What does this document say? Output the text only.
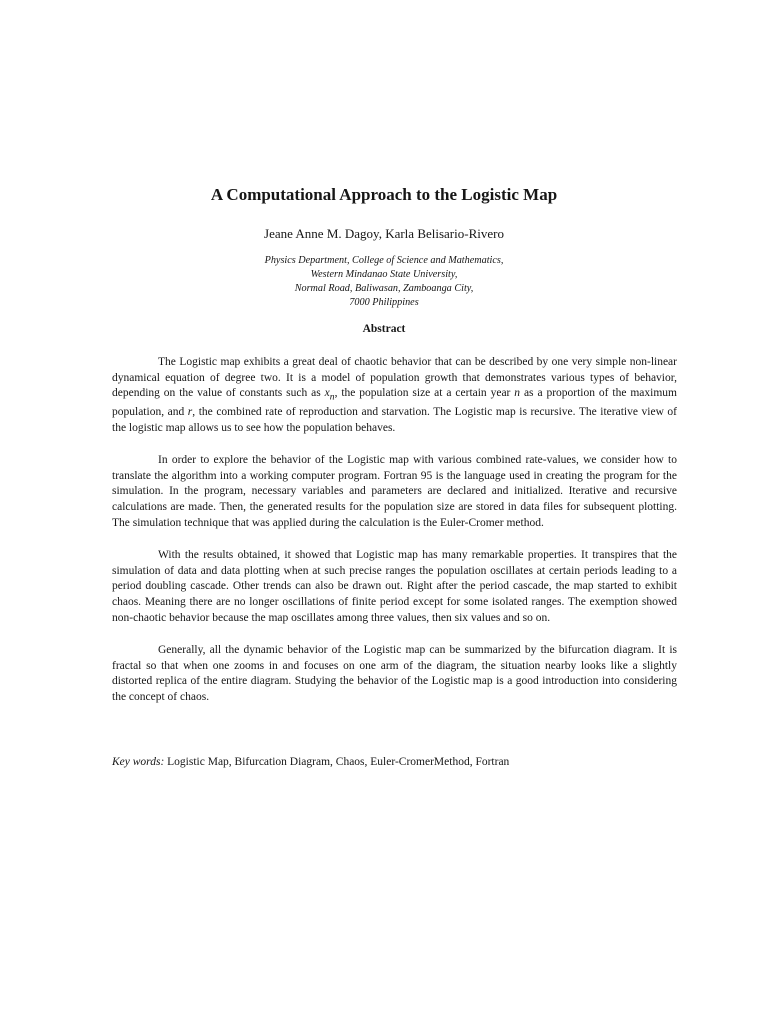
A Computational Approach to the Logistic Map
Jeane Anne M. Dagoy, Karla Belisario-Rivero
Physics Department, College of Science and Mathematics,
Western Mindanao State University,
Normal Road, Baliwasan, Zamboanga City,
7000 Philippines
Abstract

The Logistic map exhibits a great deal of chaotic behavior that can be described by one very simple non-linear dynamical equation of degree two. It is a model of population growth that demonstrates various types of behavior, depending on the value of constants such as $x_n$, the population size at a certain year n as a proportion of the maximum population, and r, the combined rate of reproduction and starvation. The Logistic map is recursive. The iterative view of the logistic map allows us to see how the population behaves.

In order to explore the behavior of the Logistic map with various combined rate-values, we consider how to translate the algorithm into a working computer program. Fortran 95 is the language used in creating the program for the simulation. In the program, necessary variables and parameters are declared and initialized. Iterative and recursive calculations are made. Then, the generated results for the population size are stored in data files for subsequent plotting. The simulation technique that was applied during the calculation is the Euler-Cromer method.

With the results obtained, it showed that Logistic map has many remarkable properties. It transpires that the simulation of data and data plotting when at such precise ranges the population oscillates at certain periods leading to a period doubling cascade. Other trends can also be drawn out. Right after the period cascade, the map started to exhibit chaos. Meaning there are no longer oscillations of finite period except for some isolated ranges. The exemption showed non-chaotic behavior because the map oscillates among three values, then six values and so on.

Generally, all the dynamic behavior of the Logistic map can be summarized by the bifurcation diagram. It is fractal so that when one zooms in and focuses on one arm of the diagram, the situation nearby looks like a slightly distorted replica of the entire diagram. Studying the behavior of the Logistic map is a good introduction into considering the concept of chaos.

Key words: Logistic Map, Bifurcation Diagram, Chaos, Euler-CromerMethod, Fortran
